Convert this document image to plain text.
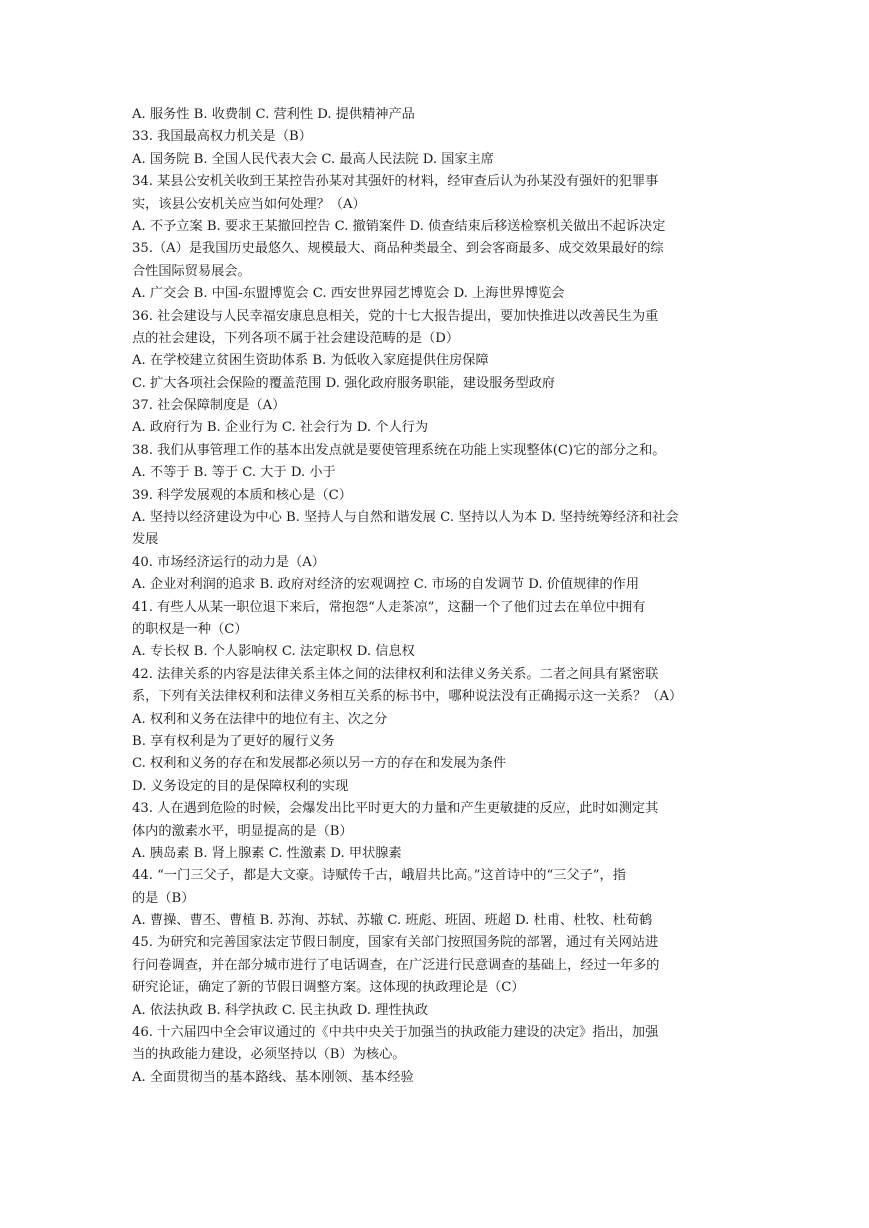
A. 服务性 B. 收费制 C. 营利性 D. 提供精神产品
33. 我国最高权力机关是（B）
A. 国务院 B. 全国人民代表大会 C. 最高人民法院 D. 国家主席
34. 某县公安机关收到王某控告孙某对其强奸的材料，经审查后认为孙某没有强奸的犯罪事
实，该县公安机关应当如何处理？（A）
A. 不予立案 B. 要求王某撤回控告 C. 撤销案件 D. 侦查结束后移送检察机关做出不起诉决定
35.（A）是我国历史最悠久、规模最大、商品种类最全、到会客商最多、成交效果最好的综
合性国际贸易展会。
A. 广交会 B. 中国-东盟博览会 C. 西安世界园艺博览会 D. 上海世界博览会
36. 社会建设与人民幸福安康息息相关，党的十七大报告提出，要加快推进以改善民生为重
点的社会建设，下列各项不属于社会建设范畴的是（D）
A. 在学校建立贫困生资助体系 B. 为低收入家庭提供住房保障
C. 扩大各项社会保险的覆盖范围 D. 强化政府服务职能，建设服务型政府
37. 社会保障制度是（A）
A. 政府行为 B. 企业行为 C. 社会行为 D. 个人行为
38. 我们从事管理工作的基本出发点就是要使管理系统在功能上实现整体(C)它的部分之和。
A. 不等于 B. 等于 C. 大于 D. 小于
39. 科学发展观的本质和核心是（C）
A. 坚持以经济建设为中心 B. 坚持人与自然和谐发展 C. 坚持以人为本 D. 坚持统筹经济和社会
发展
40. 市场经济运行的动力是（A）
A. 企业对利润的追求 B. 政府对经济的宏观调控 C. 市场的自发调节 D. 价值规律的作用
41. 有些人从某一职位退下来后，常抱怨“人走茶凉”，这翻一个了他们过去在单位中拥有
的职权是一种（C）
A. 专长权 B. 个人影响权 C. 法定职权 D. 信息权
42. 法律关系的内容是法律关系主体之间的法律权利和法律义务关系。二者之间具有紧密联
系，下列有关法律权利和法律义务相互关系的标书中，哪种说法没有正确揭示这一关系？（A）
A. 权利和义务在法律中的地位有主、次之分
B. 享有权利是为了更好的履行义务
C. 权利和义务的存在和发展都必须以另一方的存在和发展为条件
D. 义务设定的目的是保障权利的实现
43. 人在遇到危险的时候，会爆发出比平时更大的力量和产生更敏捷的反应，此时如测定其
体内的激素水平，明显提高的是（B）
A. 胰岛素 B. 肾上腺素 C. 性激素 D. 甲状腺素
44. “一门三父子，都是大文豪。诗赋传千古，峨眉共比高。”这首诗中的“三父子”，指
的是（B）
A. 曹操、曹丕、曹植 B. 苏洵、苏轼、苏辙 C. 班彪、班固、班超 D. 杜甫、杜牧、杜荀鹤
45. 为研究和完善国家法定节假日制度，国家有关部门按照国务院的部署，通过有关网站进
行问卷调查，并在部分城市进行了电话调查，在广泛进行民意调查的基础上，经过一年多的
研究论证，确定了新的节假日调整方案。这体现的执政理论是（C）
A. 依法执政 B. 科学执政 C. 民主执政 D. 理性执政
46. 十六届四中全会审议通过的《中共中央关于加强当的执政能力建设的决定》指出，加强
当的执政能力建设，必须坚持以（B）为核心。
A. 全面贯彻当的基本路线、基本刚领、基本经验
